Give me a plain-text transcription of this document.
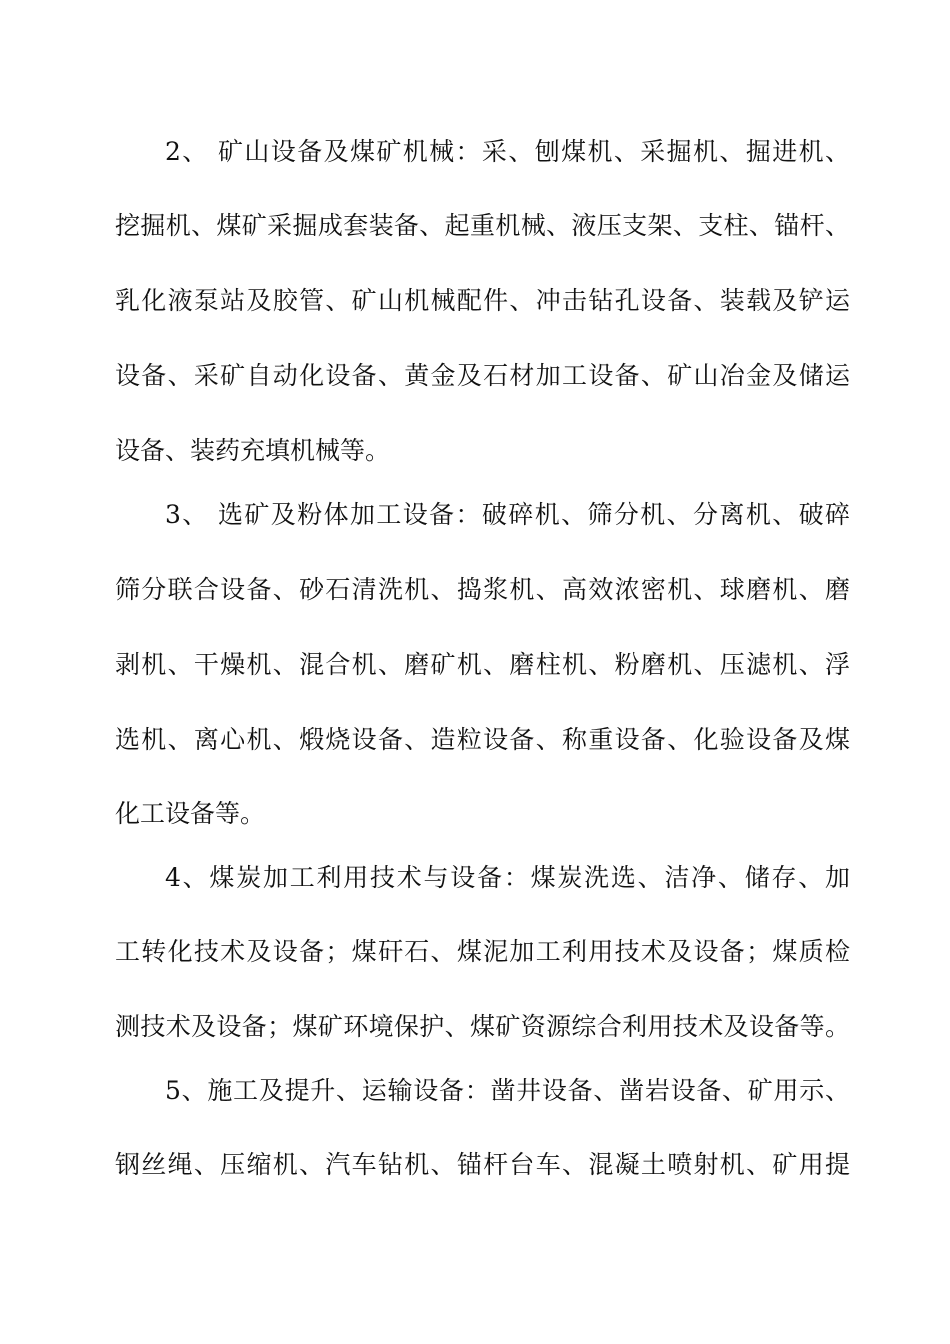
2、 矿山设备及煤矿机械：采、刨煤机、采掘机、掘进机、
挖掘机、煤矿采掘成套装备、起重机械、液压支架、支柱、锚杆、
乳化液泵站及胶管、矿山机械配件、冲击钻孔设备、装载及铲运
设备、采矿自动化设备、黄金及石材加工设备、矿山冶金及储运
设备、装药充填机械等。
3、 选矿及粉体加工设备：破碎机、筛分机、分离机、破碎
筛分联合设备、砂石清洗机、捣浆机、高效浓密机、球磨机、磨
剥机、干燥机、混合机、磨矿机、磨柱机、粉磨机、压滤机、浮
选机、离心机、煅烧设备、造粒设备、称重设备、化验设备及煤
化工设备等。
4、煤炭加工利用技术与设备：煤炭洗选、洁净、储存、加
工转化技术及设备；煤矸石、煤泥加工利用技术及设备；煤质检
测技术及设备；煤矿环境保护、煤矿资源综合利用技术及设备等。
5、施工及提升、运输设备：凿井设备、凿岩设备、矿用示、
钢丝绳、压缩机、汽车钻机、锚杆台车、混凝土喷射机、矿用提
